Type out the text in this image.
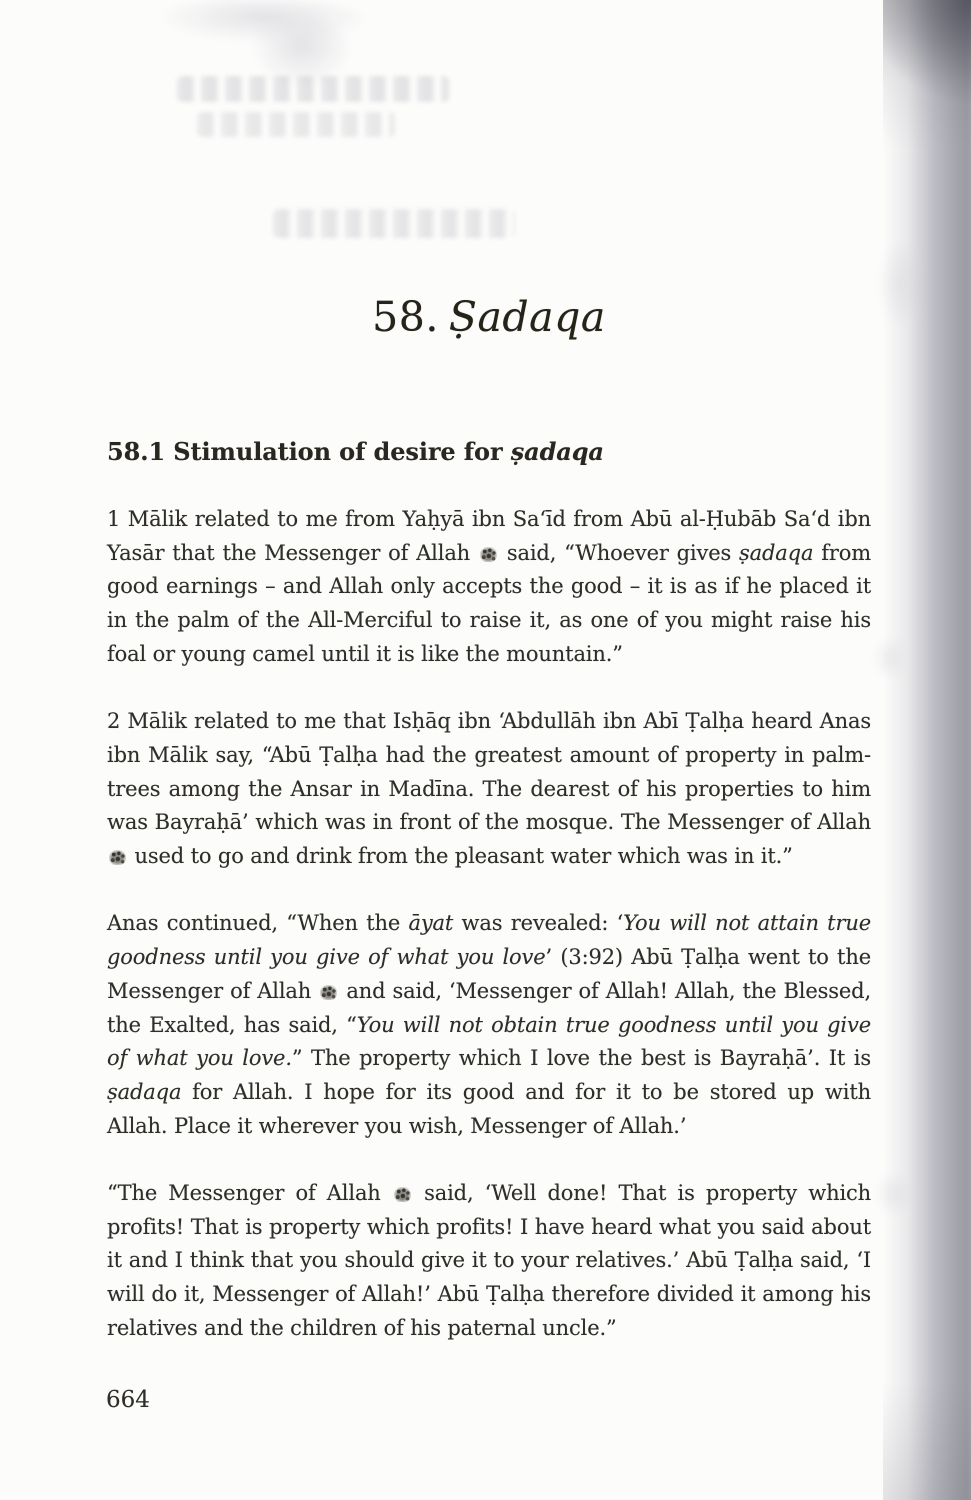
58. Ṣadaqa
58.1 Stimulation of desire for ṣadaqa

1 Mālik related to me from Yaḥyā ibn Sa‘īd from Abū al-Ḥubāb Sa‘d ibn Yasār that the Messenger of Allah  said, “Whoever gives ṣadaqa from good earnings – and Allah only accepts the good – it is as if he placed it in the palm of the All-Merciful to raise it, as one of you might raise his foal or young camel until it is like the mountain.”

2 Mālik related to me that Isḥāq ibn ‘Abdullāh ibn Abī Ṭalḥa heard Anas ibn Mālik say, “Abū Ṭalḥa had the greatest amount of property in palm-trees among the Ansar in Madīna. The dearest of his properties to him was Bayraḥā’ which was in front of the mosque. The Messenger of Allah  used to go and drink from the pleasant water which was in it.”

Anas continued, “When the āyat was revealed: ‘You will not attain true goodness until you give of what you love’ (3:92) Abū Ṭalḥa went to the Messenger of Allah  and said, ‘Messenger of Allah! Allah, the Blessed, the Exalted, has said, “You will not obtain true goodness until you give of what you love.” The property which I love the best is Bayraḥā’. It is ṣadaqa for Allah. I hope for its good and for it to be stored up with Allah. Place it wherever you wish, Messenger of Allah.’

“The Messenger of Allah  said, ‘Well done! That is property which profits! That is property which profits! I have heard what you said about it and I think that you should give it to your relatives.’ Abū Ṭalḥa said, ‘I will do it, Messenger of Allah!’ Abū Ṭalḥa therefore divided it among his relatives and the children of his paternal uncle.”

664
